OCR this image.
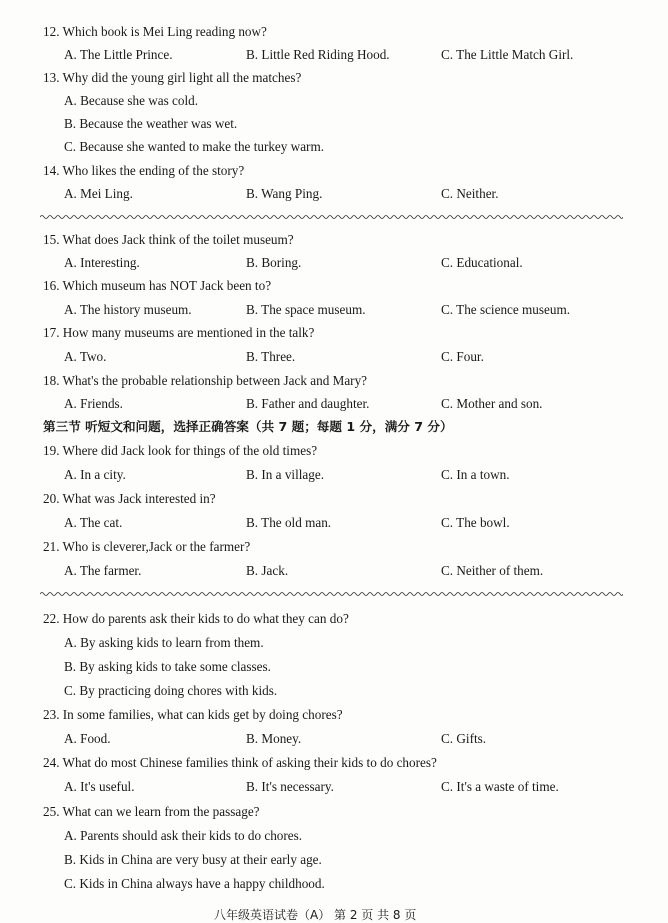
12. Which book is Mei Ling reading now?
A. The Little Prince.	B. Little Red Riding Hood.	C. The Little Match Girl.
13. Why did the young girl light all the matches?
A. Because she was cold.
B. Because the weather was wet.
C. Because she wanted to make the turkey warm.
14. Who likes the ending of the story?
A. Mei Ling.	B. Wang Ping.	C. Neither.
15. What does Jack think of the toilet museum?
A. Interesting.	B. Boring.	C. Educational.
16. Which museum has NOT Jack been to?
A. The history museum.	B. The space museum.	C. The science museum.
17. How many museums are mentioned in the talk?
A. Two.	B. Three.	C. Four.
18. What's the probable relationship between Jack and Mary?
A. Friends.	B. Father and daughter.	C. Mother and son.
第三节 听短文和问题，选择正确答案（共 7 题；每题 1 分，满分 7 分）
19. Where did Jack look for things of the old times?
A. In a city.	B. In a village.	C. In a town.
20. What was Jack interested in?
A. The cat.	B. The old man.	C. The bowl.
21. Who is cleverer,Jack or the farmer?
A. The farmer.	B. Jack.	C. Neither of them.
22. How do parents ask their kids to do what they can do?
A. By asking kids to learn from them.
B. By asking kids to take some classes.
C. By practicing doing chores with kids.
23. In some families, what can kids get by doing chores?
A. Food.	B. Money.	C. Gifts.
24. What do most Chinese families think of asking their kids to do chores?
A. It's useful.	B. It's necessary.	C. It's a waste of time.
25. What can we learn from the passage?
A. Parents should ask their kids to do chores.
B. Kids in China are very busy at their early age.
C. Kids in China always have a happy childhood.
八年级英语试卷（A） 第 2 页 共 8 页
